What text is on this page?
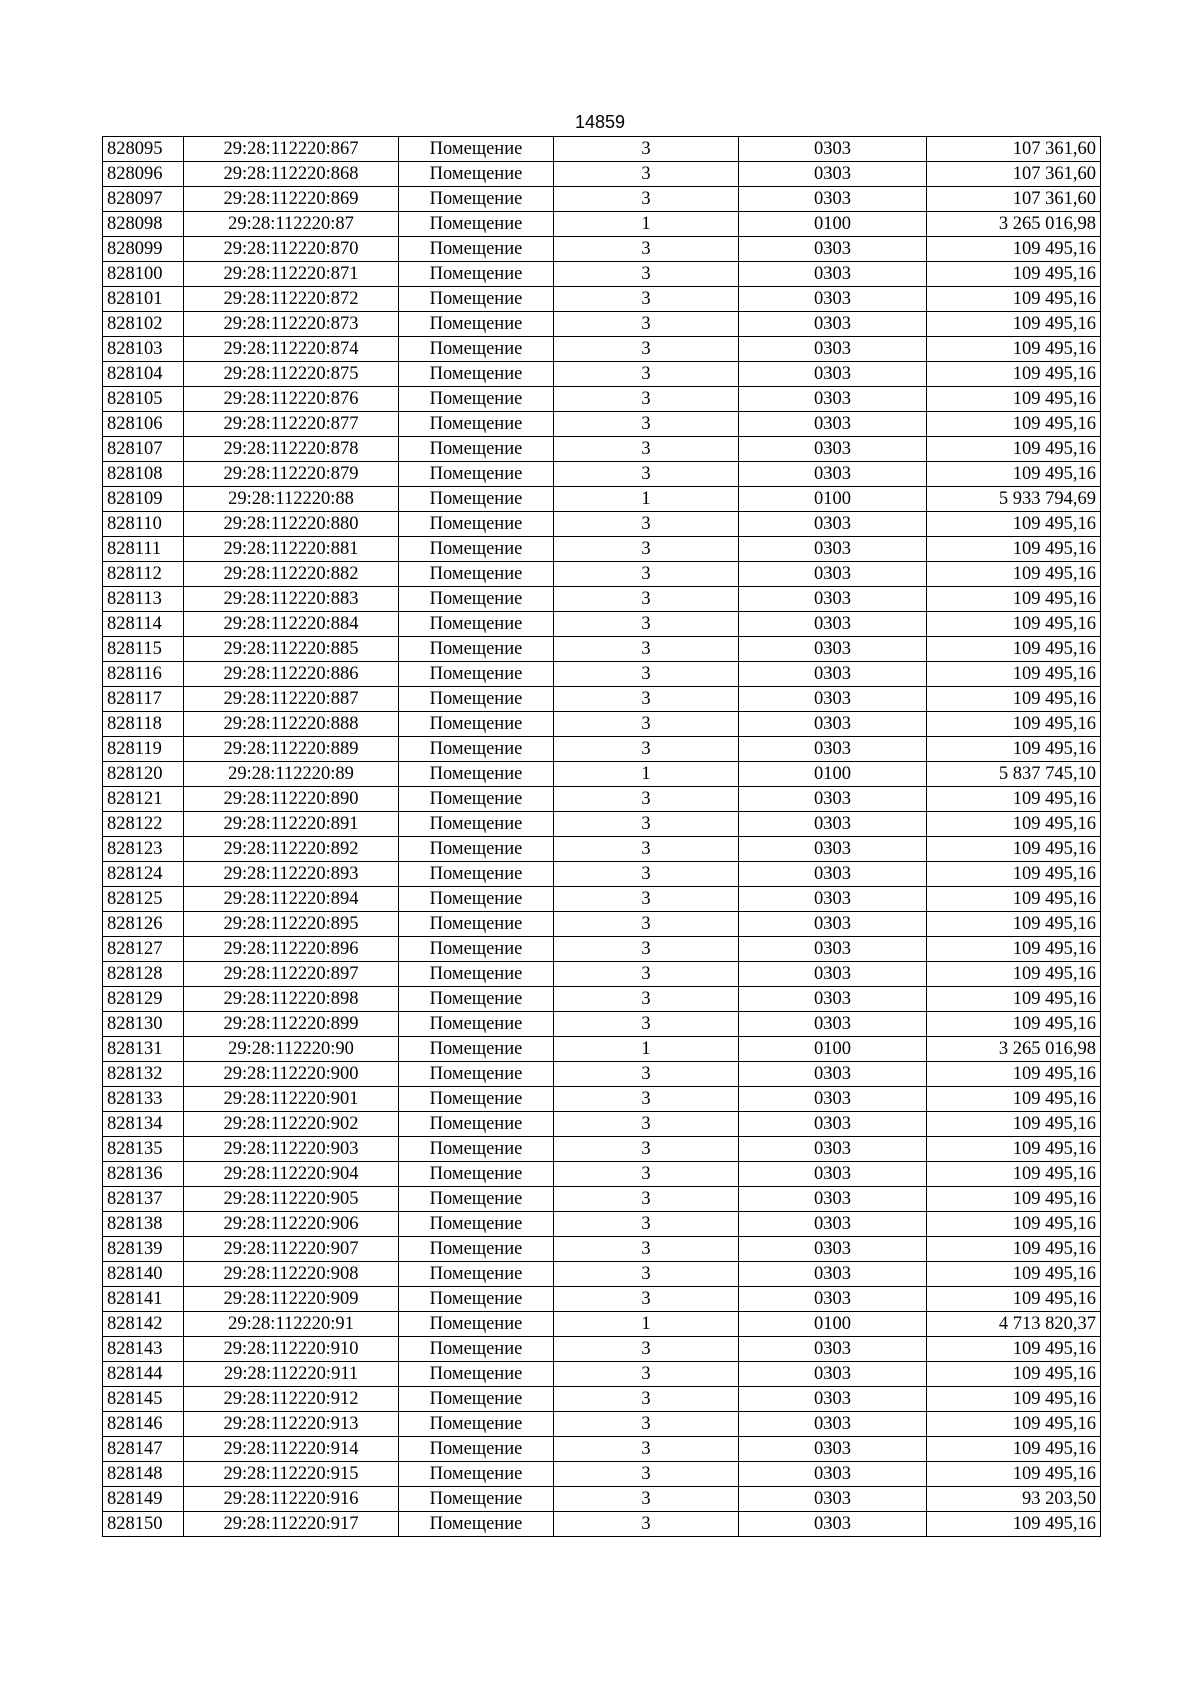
14859
828095	29:28:112220:867	Помещение	3	0303	107 361,60
828096	29:28:112220:868	Помещение	3	0303	107 361,60
828097	29:28:112220:869	Помещение	3	0303	107 361,60
828098	29:28:112220:87	Помещение	1	0100	3 265 016,98
828099	29:28:112220:870	Помещение	3	0303	109 495,16
828100	29:28:112220:871	Помещение	3	0303	109 495,16
828101	29:28:112220:872	Помещение	3	0303	109 495,16
828102	29:28:112220:873	Помещение	3	0303	109 495,16
828103	29:28:112220:874	Помещение	3	0303	109 495,16
828104	29:28:112220:875	Помещение	3	0303	109 495,16
828105	29:28:112220:876	Помещение	3	0303	109 495,16
828106	29:28:112220:877	Помещение	3	0303	109 495,16
828107	29:28:112220:878	Помещение	3	0303	109 495,16
828108	29:28:112220:879	Помещение	3	0303	109 495,16
828109	29:28:112220:88	Помещение	1	0100	5 933 794,69
828110	29:28:112220:880	Помещение	3	0303	109 495,16
828111	29:28:112220:881	Помещение	3	0303	109 495,16
828112	29:28:112220:882	Помещение	3	0303	109 495,16
828113	29:28:112220:883	Помещение	3	0303	109 495,16
828114	29:28:112220:884	Помещение	3	0303	109 495,16
828115	29:28:112220:885	Помещение	3	0303	109 495,16
828116	29:28:112220:886	Помещение	3	0303	109 495,16
828117	29:28:112220:887	Помещение	3	0303	109 495,16
828118	29:28:112220:888	Помещение	3	0303	109 495,16
828119	29:28:112220:889	Помещение	3	0303	109 495,16
828120	29:28:112220:89	Помещение	1	0100	5 837 745,10
828121	29:28:112220:890	Помещение	3	0303	109 495,16
828122	29:28:112220:891	Помещение	3	0303	109 495,16
828123	29:28:112220:892	Помещение	3	0303	109 495,16
828124	29:28:112220:893	Помещение	3	0303	109 495,16
828125	29:28:112220:894	Помещение	3	0303	109 495,16
828126	29:28:112220:895	Помещение	3	0303	109 495,16
828127	29:28:112220:896	Помещение	3	0303	109 495,16
828128	29:28:112220:897	Помещение	3	0303	109 495,16
828129	29:28:112220:898	Помещение	3	0303	109 495,16
828130	29:28:112220:899	Помещение	3	0303	109 495,16
828131	29:28:112220:90	Помещение	1	0100	3 265 016,98
828132	29:28:112220:900	Помещение	3	0303	109 495,16
828133	29:28:112220:901	Помещение	3	0303	109 495,16
828134	29:28:112220:902	Помещение	3	0303	109 495,16
828135	29:28:112220:903	Помещение	3	0303	109 495,16
828136	29:28:112220:904	Помещение	3	0303	109 495,16
828137	29:28:112220:905	Помещение	3	0303	109 495,16
828138	29:28:112220:906	Помещение	3	0303	109 495,16
828139	29:28:112220:907	Помещение	3	0303	109 495,16
828140	29:28:112220:908	Помещение	3	0303	109 495,16
828141	29:28:112220:909	Помещение	3	0303	109 495,16
828142	29:28:112220:91	Помещение	1	0100	4 713 820,37
828143	29:28:112220:910	Помещение	3	0303	109 495,16
828144	29:28:112220:911	Помещение	3	0303	109 495,16
828145	29:28:112220:912	Помещение	3	0303	109 495,16
828146	29:28:112220:913	Помещение	3	0303	109 495,16
828147	29:28:112220:914	Помещение	3	0303	109 495,16
828148	29:28:112220:915	Помещение	3	0303	109 495,16
828149	29:28:112220:916	Помещение	3	0303	93 203,50
828150	29:28:112220:917	Помещение	3	0303	109 495,16
